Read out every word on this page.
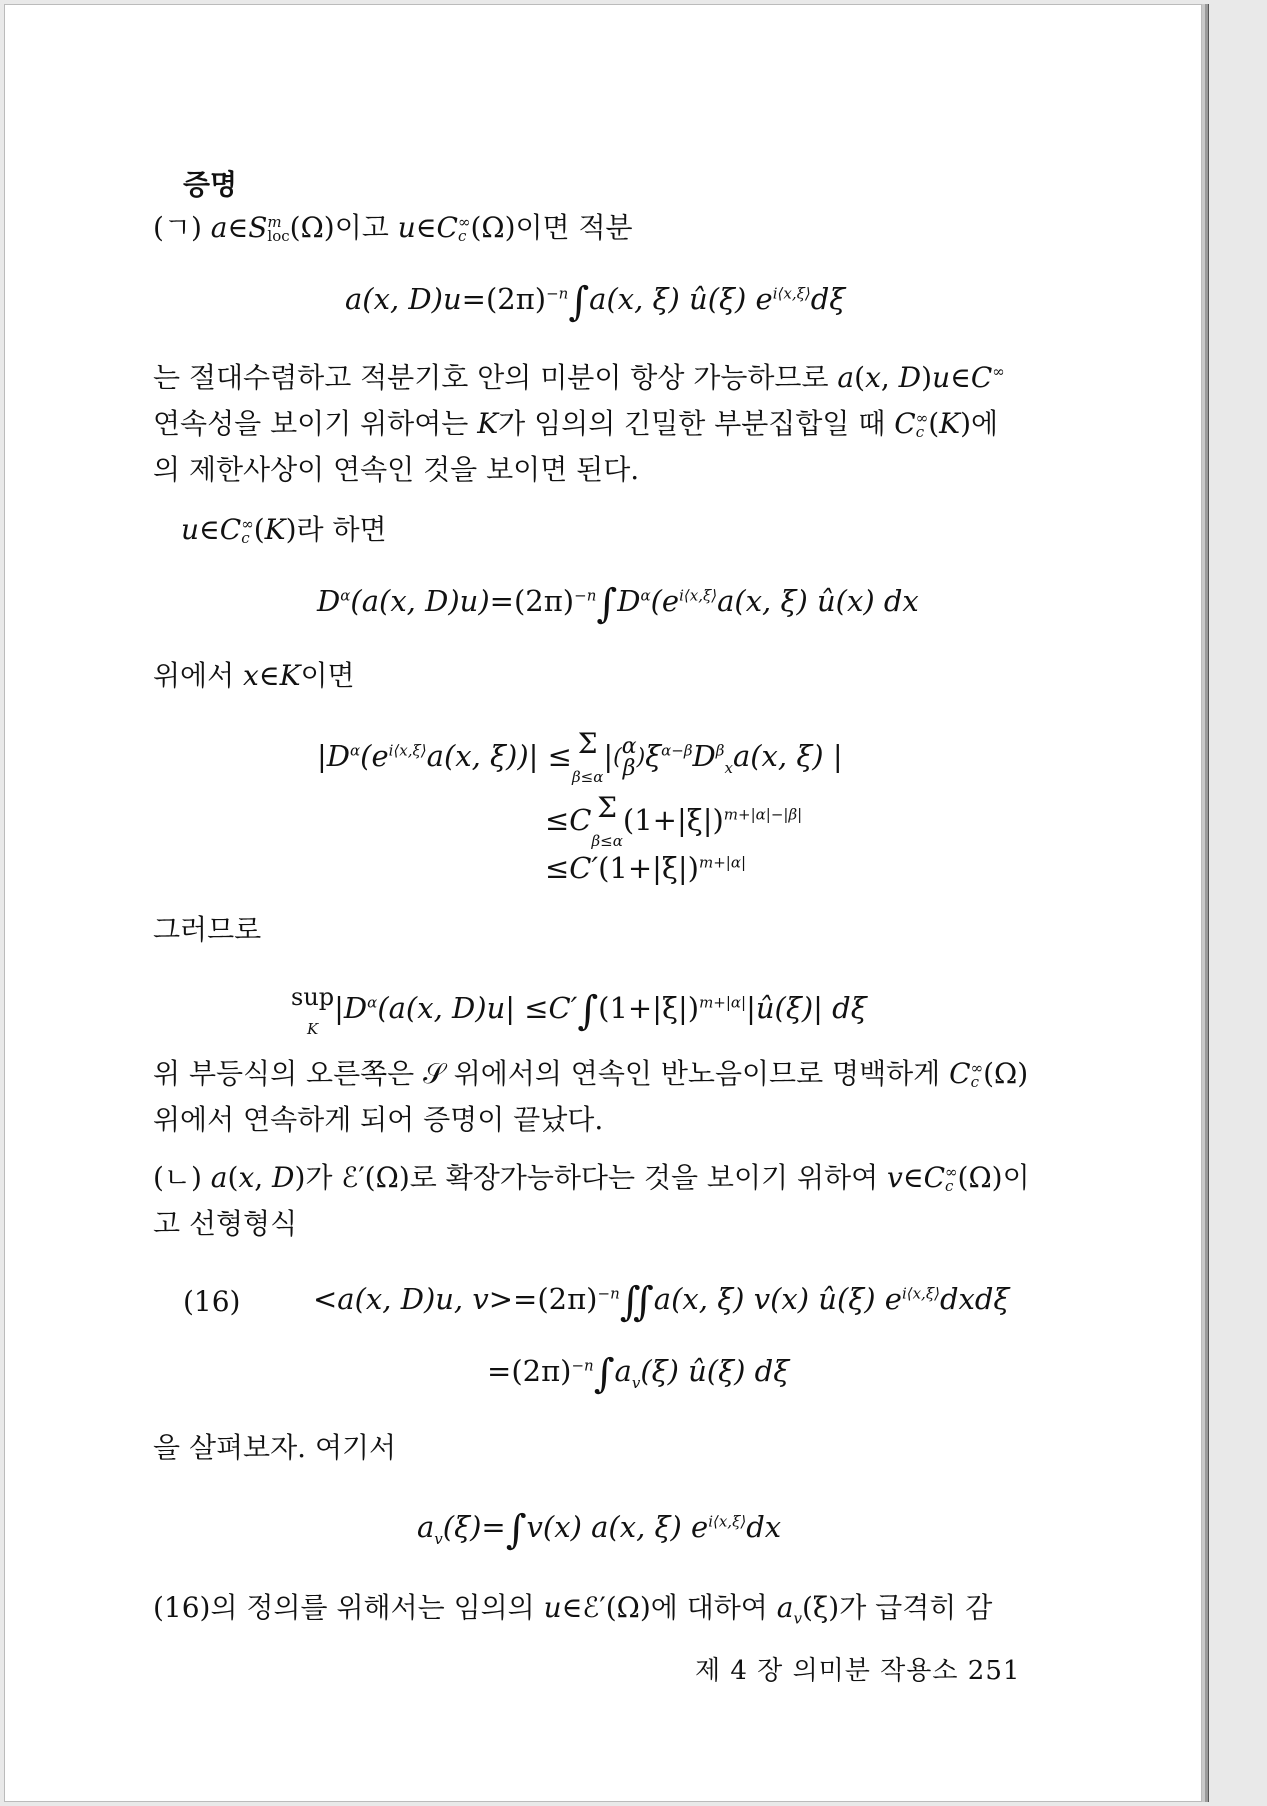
증명
(ㄱ) a∈Sm
loc(Ω)이고 u∈C∞
c (Ω)이면 적분
a(x, $D)u=(2\pi)^{-n}\int a(x$, ξ) û(ξ) $e^{i⟨x,\xi⟩}d\xi$
는 절대수렴하고 적분기호 안의 미분이 항상 가능하므로 a(x, D)u∈C∞
연속성을 보이기 위하여는 K가 임의의 긴밀한 부분집합일 때 C∞
c (K)에
의 제한사상이 연속인 것을 보이면 된다.
u∈C∞
c (K)라 하면
$D^\alpha(a(x$, $D)u)=(2\pi)^{-n}\int D^\alpha(e^{i⟨x,\xi⟩}a(x$, ξ) û(x) dx
위에서 x∈K이면
$|D^\alpha(e^{i⟨x,\xi⟩}a(x$, ξ))| ≤ Σ
β≤α|(α
$\beta)\xi^{\alpha-\beta}D^\beta_xa(x$, ξ) |
≤C Σ
$\beta\le\alpha(1+|\xi|)^{m+|\alpha|-|\beta|}$
$\le C'(1+|\xi|)^{m+|\alpha|}$
그러므로
sup
$K|D^\alpha(a(x$, $D)u| \le C'\int(1+|\xi|)^{m+|\alpha|}|û(\xi)|$ dξ
위 부등식의 오른쪽은 𝒮 위에서의 연속인 반노음이므로 명백하게 C∞
c (Ω)
위에서 연속하게 되어 증명이 끝났다.
(ㄴ) a(x, D)가 ℰ′(Ω)로 확장가능하다는 것을 보이기 위하여 v∈C∞
c (Ω)이
고 선형형식
(16)	<a(x, D)u, $v>=(2\pi)^{-n}∬a(x$, ξ) v(x) û(ξ) $e^{i⟨x,\xi⟩}dxd\xi$
$=(2\pi)^{-n}\int a_v(\xi)$ û(ξ) dξ
을 살펴보자. 여기서
$a_v(\xi)=\int v(x)$ a(x, ξ) $e^{i⟨x,\xi⟩}dx$
(16)의 정의를 위해서는 임의의 u∈ℰ′(Ω)에 대하여 $a_v(\xi)$가 급격히 감
제 4 장 의미분 작용소 251
